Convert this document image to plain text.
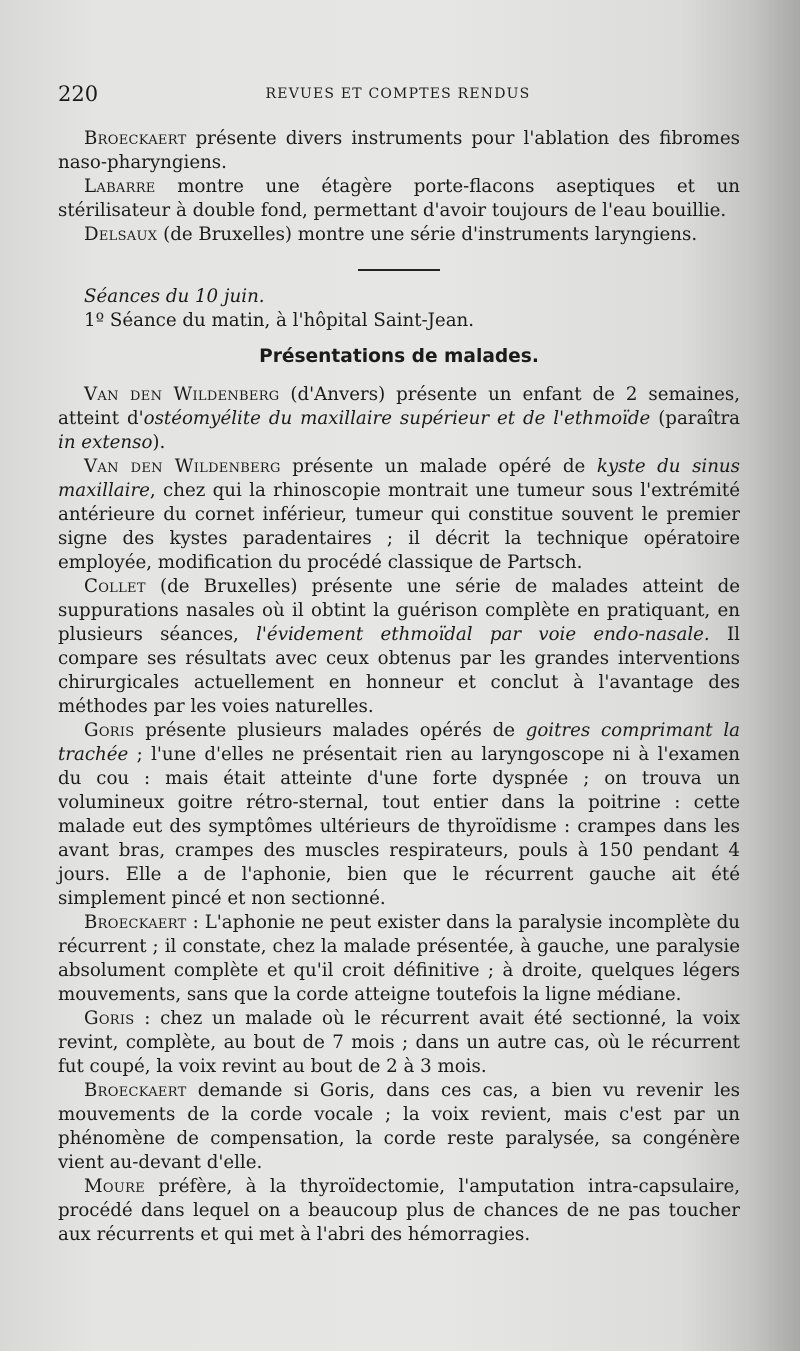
220	REVUES ET COMPTES RENDUS

Broeckaert présente divers instruments pour l'ablation des fibromes naso-pharyngiens.

Labarre montre une étagère porte-flacons aseptiques et un stérilisateur à double fond, permettant d'avoir toujours de l'eau bouillie.

Delsaux (de Bruxelles) montre une série d'instruments laryngiens.

Séances du 10 juin.

1º Séance du matin, à l'hôpital Saint-Jean.

Présentations de malades.

Van den Wildenberg (d'Anvers) présente un enfant de 2 semaines, atteint d'ostéomyélite du maxillaire supérieur et de l'ethmoïde (paraîtra in extenso).

Van den Wildenberg présente un malade opéré de kyste du sinus maxillaire, chez qui la rhinoscopie montrait une tumeur sous l'extrémité antérieure du cornet inférieur, tumeur qui constitue souvent le premier signe des kystes paradentaires ; il décrit la technique opératoire employée, modification du procédé classique de Partsch.

Collet (de Bruxelles) présente une série de malades atteint de suppurations nasales où il obtint la guérison complète en pratiquant, en plusieurs séances, l'évidement ethmoïdal par voie endo-nasale. Il compare ses résultats avec ceux obtenus par les grandes interventions chirurgicales actuellement en honneur et conclut à l'avantage des méthodes par les voies naturelles.

Goris présente plusieurs malades opérés de goitres comprimant la trachée ; l'une d'elles ne présentait rien au laryngoscope ni à l'examen du cou : mais était atteinte d'une forte dyspnée ; on trouva un volumineux goitre rétro-sternal, tout entier dans la poitrine : cette malade eut des symptômes ultérieurs de thyroïdisme : crampes dans les avant bras, crampes des muscles respirateurs, pouls à 150 pendant 4 jours. Elle a de l'aphonie, bien que le récurrent gauche ait été simplement pincé et non sectionné.

Broeckaert : L'aphonie ne peut exister dans la paralysie incomplète du récurrent ; il constate, chez la malade présentée, à gauche, une paralysie absolument complète et qu'il croit définitive ; à droite, quelques légers mouvements, sans que la corde atteigne toutefois la ligne médiane.

Goris : chez un malade où le récurrent avait été sectionné, la voix revint, complète, au bout de 7 mois ; dans un autre cas, où le récurrent fut coupé, la voix revint au bout de 2 à 3 mois.

Broeckaert demande si Goris, dans ces cas, a bien vu revenir les mouvements de la corde vocale ; la voix revient, mais c'est par un phénomène de compensation, la corde reste paralysée, sa congénère vient au-devant d'elle.

Moure préfère, à la thyroïdectomie, l'amputation intra-capsulaire, procédé dans lequel on a beaucoup plus de chances de ne pas toucher aux récurrents et qui met à l'abri des hémorragies.
